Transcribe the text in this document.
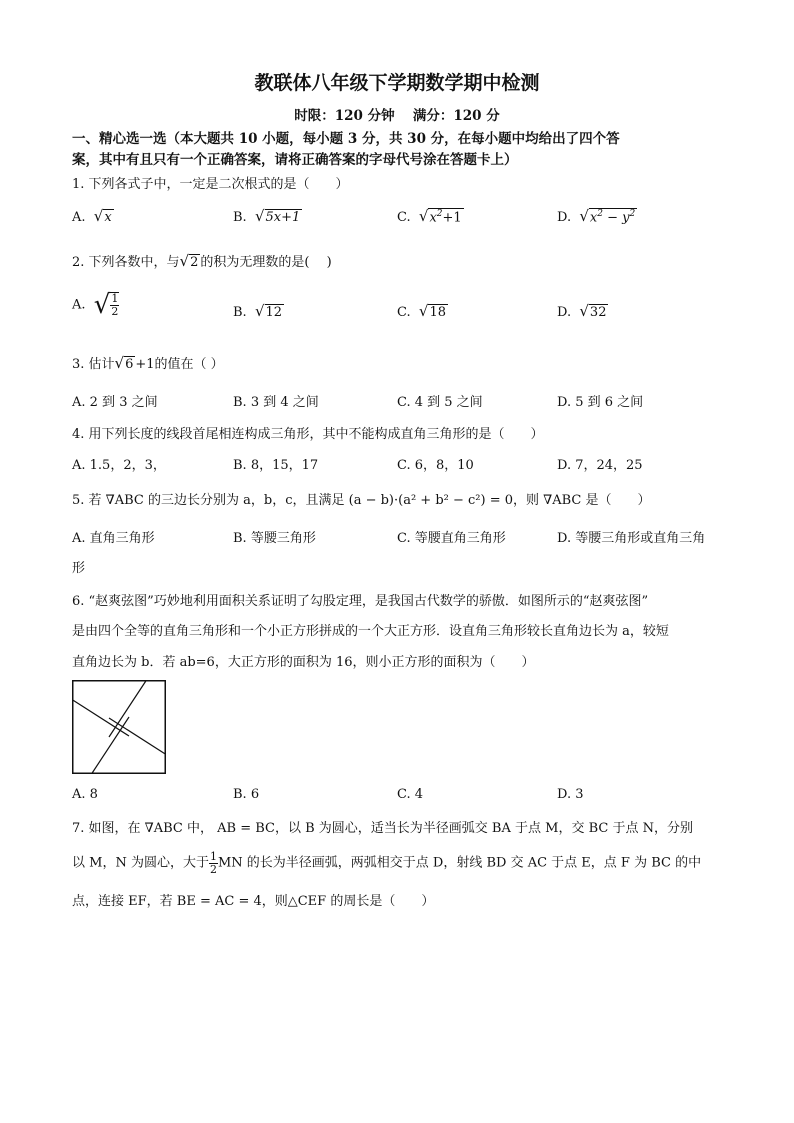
教联体八年级下学期数学期中检测
时限：120 分钟　 满分：120 分
一、精心选一选（本大题共 10 小题，每小题 3 分，共 30 分，在每小题中均给出了四个答
案，其中有且只有一个正确答案，请将正确答案的字母代号涂在答题卡上）
1. 下列各式子中，一定是二次根式的是（　　）
A. √x	B. √5x+1	C. $√x^2+1$	D. $√x^2 - y^2$
2. 下列各数中，与√2 的积为无理数的是(　 )
A. √ $\frac{1}{2}$	B. √12	C. √18	D. √32
3. 估计√6 +1的值在（ ）
A. 2 到 3 之间	B. 3 到 4 之间	C. 4 到 5 之间	D. 5 到 6 之间
4. 用下列长度的线段首尾相连构成三角形，其中不能构成直角三角形的是（　　）
A. 1.5，2，3，	B. 8，15，17	C. 6，8，10	D. 7，24，25
5. 若 ∇ABC 的三边长分别为 a，b，c，且满足 (a − b)·(a² + b² − c²) = 0，则 ∇ABC 是（　　）
A. 直角三角形	B. 等腰三角形	C. 等腰直角三角形	D. 等腰三角形或直角三角
形
6. “赵爽弦图”巧妙地利用面积关系证明了勾股定理，是我国古代数学的骄傲．如图所示的“赵爽弦图”
是由四个全等的直角三角形和一个小正方形拼成的一个大正方形．设直角三角形较长直角边长为 a，较短
直角边长为 b．若 ab=6，大正方形的面积为 16，则小正方形的面积为（　　）
A. 8	B. 6	C. 4	D. 3
7. 如图，在 ∇ABC 中， AB = BC，以 B 为圆心，适当长为半径画弧交 BA 于点 M，交 BC 于点 N，分别
以 M，N 为圆心，大于 $\frac{1}{2}$ MN 的长为半径画弧，两弧相交于点 D，射线 BD 交 AC 于点 E，点 F 为 BC 的中
点，连接 EF，若 BE = AC = 4，则△CEF 的周长是（　　）
